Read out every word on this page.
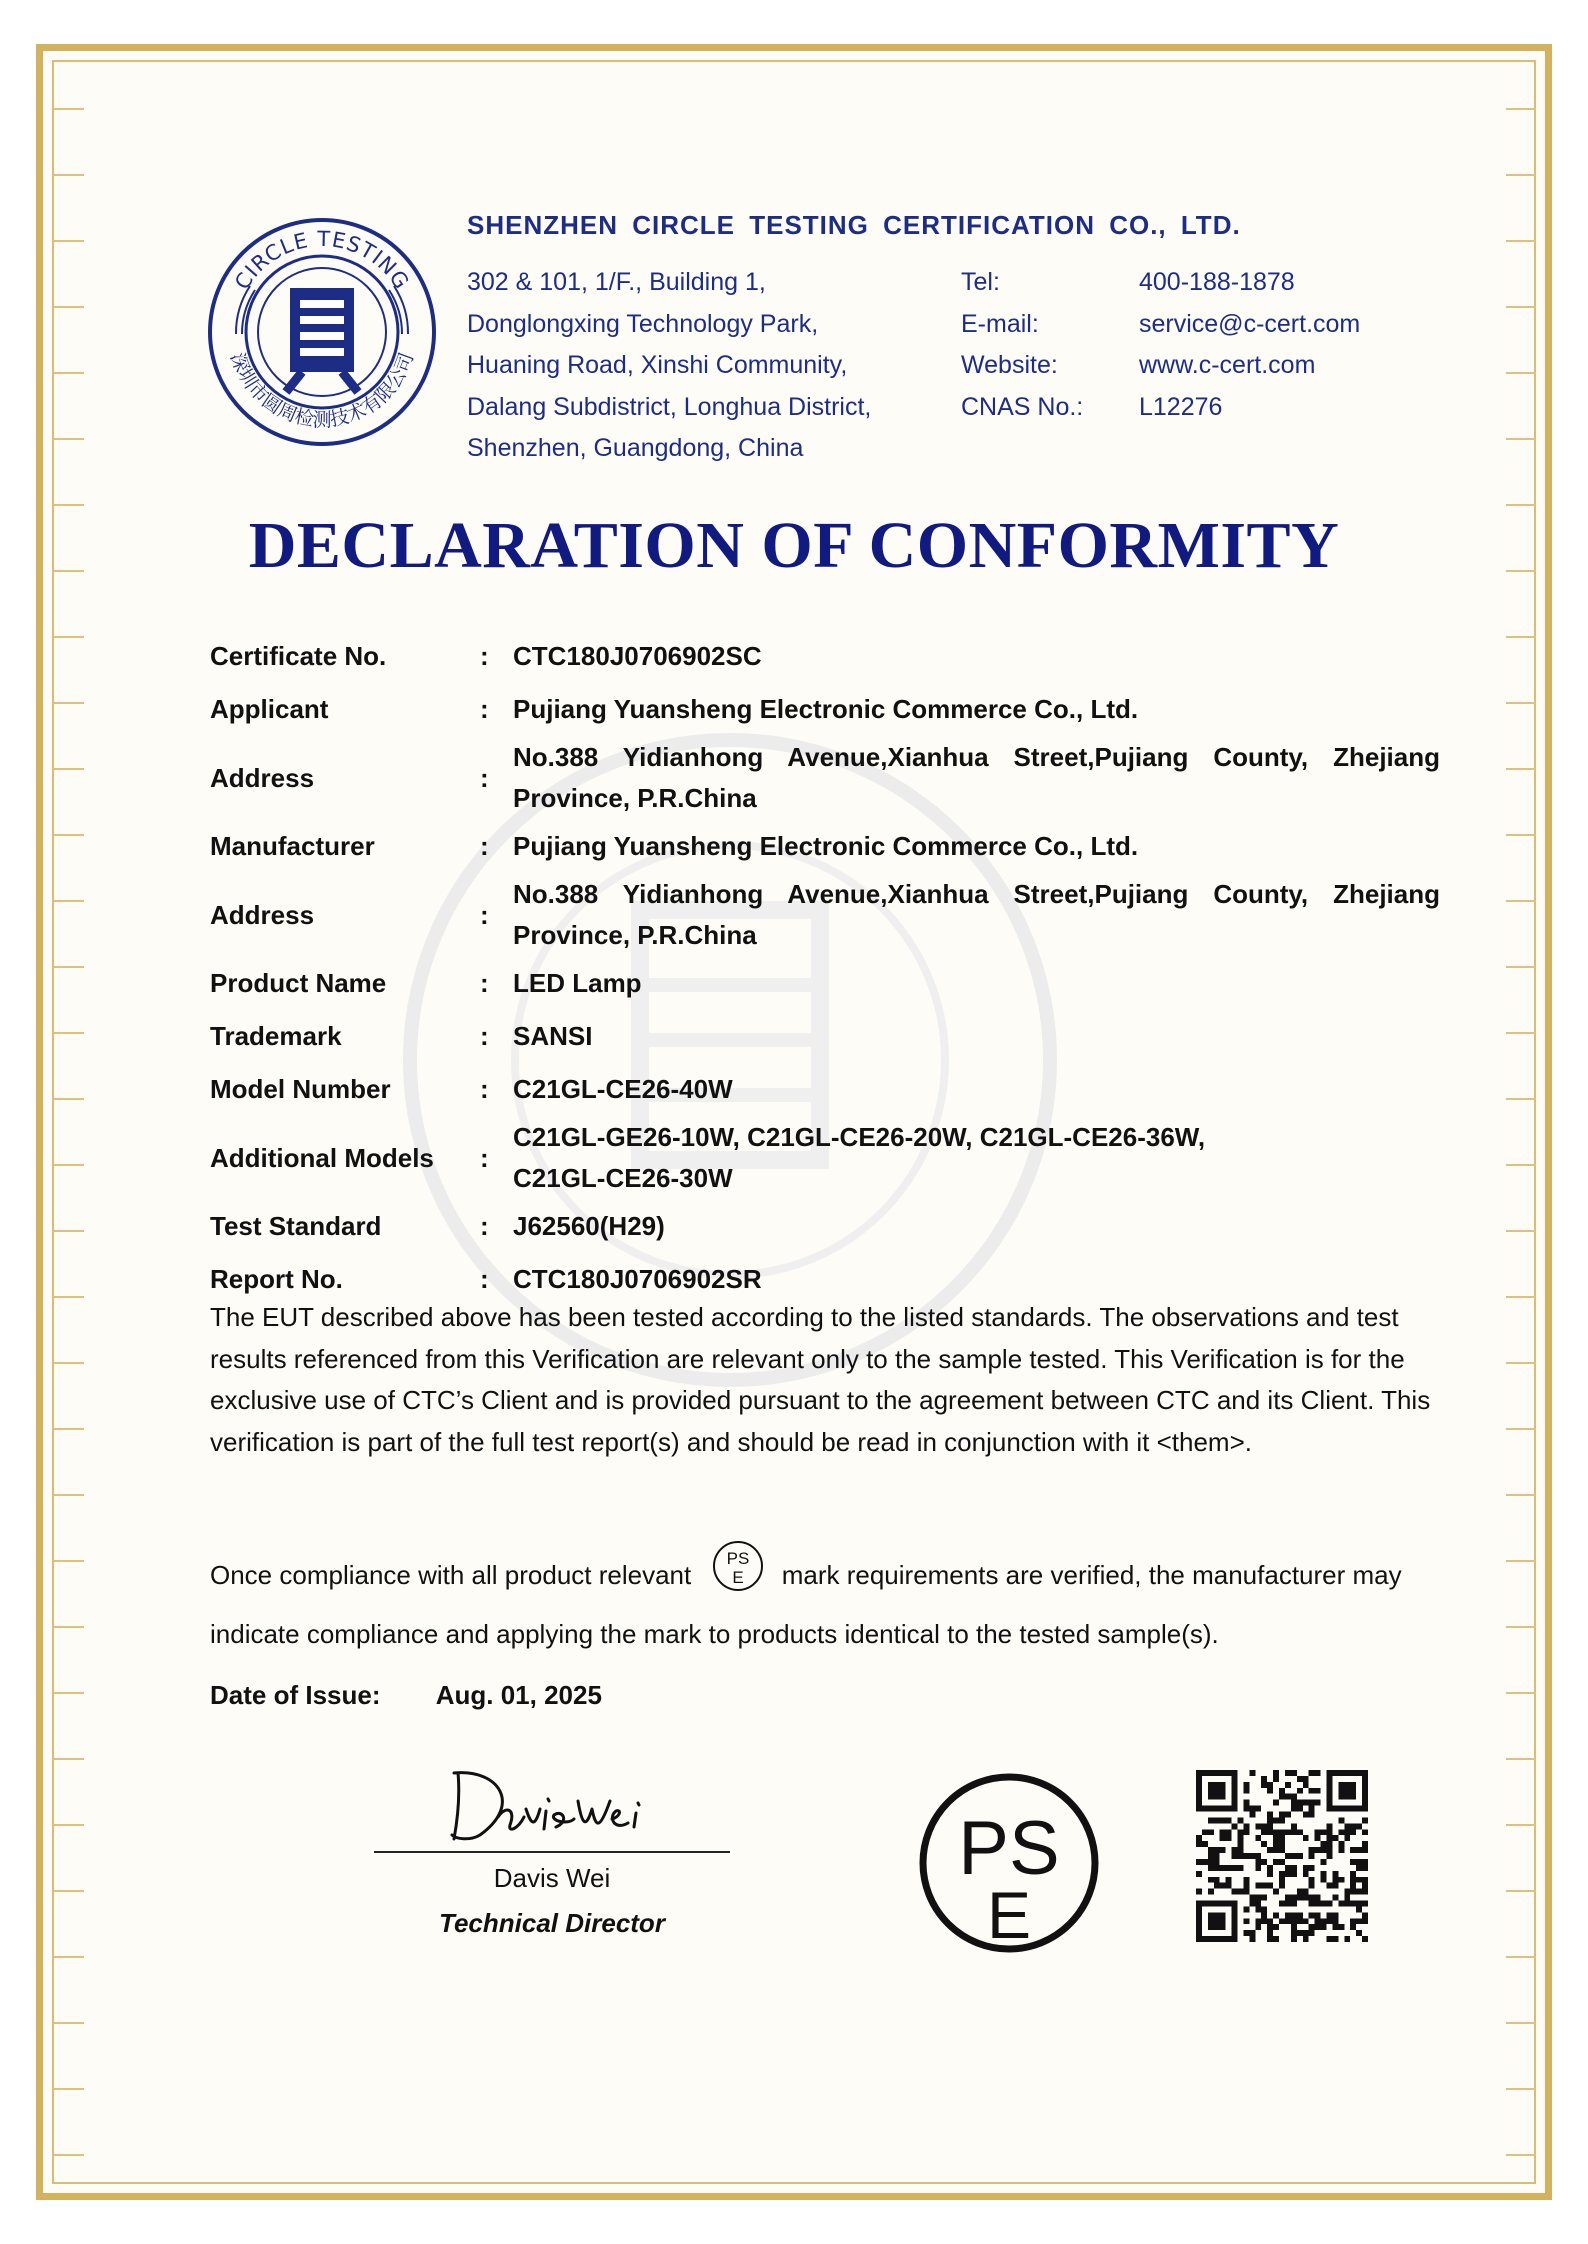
CIRCLE TESTING
深圳市圆周检测技术有限公司
SHENZHEN CIRCLE TESTING CERTIFICATION CO., LTD.
302 & 101, 1/F., Building 1,
Donglongxing Technology Park,
Huaning Road, Xinshi Community,
Dalang Subdistrict, Longhua District,
Shenzhen, Guangdong, China
Tel:	400-188-1878
E-mail:	service@c-cert.com
Website:	www.c-cert.com
CNAS No.:	L12276
DECLARATION OF CONFORMITY
Certificate No.	: CTC180J0706902SC
Applicant	: Pujiang Yuansheng Electronic Commerce Co., Ltd.
Address	:
No.388 Yidianhong Avenue,Xianhua Street,Pujiang County, Zhejiang Province, P.R.China
Manufacturer	: Pujiang Yuansheng Electronic Commerce Co., Ltd.
Address	:
No.388 Yidianhong Avenue,Xianhua Street,Pujiang County, Zhejiang Province, P.R.China
Product Name	: LED Lamp
Trademark	: SANSI
Model Number	: C21GL-CE26-40W
Additional Models	:
C21GL-GE26-10W, C21GL-CE26-20W, C21GL-CE26-36W, C21GL-CE26-30W
Test Standard	: J62560(H29)
Report No.	: CTC180J0706902SR
The EUT described above has been tested according to the listed standards. The observations and test results referenced from this Verification are relevant only to the sample tested. This Verification is for the exclusive use of CTC’s Client and is provided pursuant to the agreement between CTC and its Client. This verification is part of the full test report(s) and should be read in conjunction with it <them>.
Once compliance with all product relevant
PS
E mark requirements are verified, the manufacturer may indicate compliance and applying the mark to products identical to the tested sample(s).
Date of Issue: Aug. 01, 2025
Davis Wei
Technical Director
PS
E
